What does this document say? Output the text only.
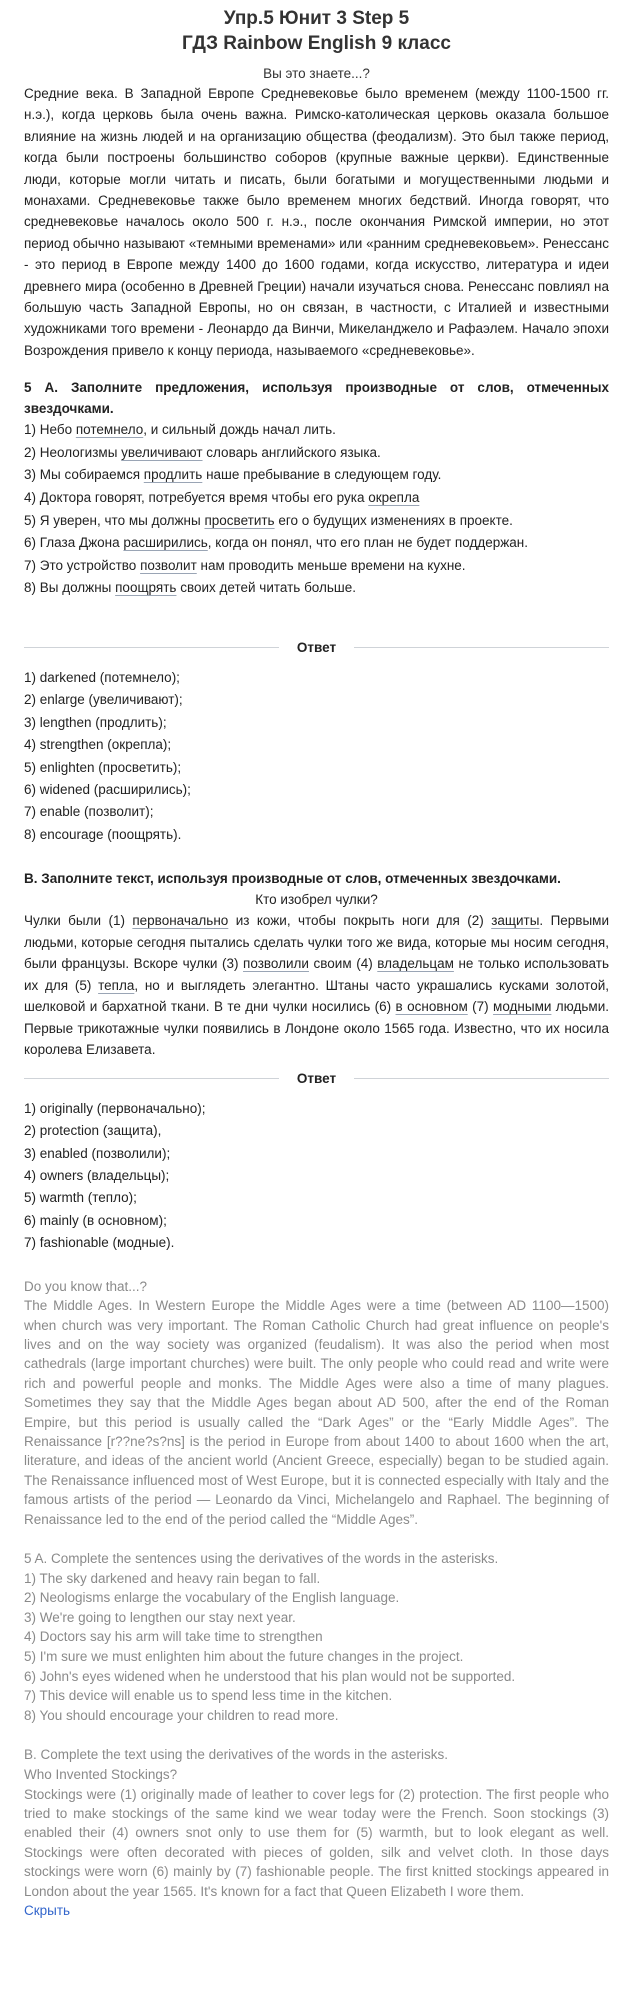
Упр.5 Юнит 3 Step 5
ГДЗ Rainbow English 9 класс
Вы это знаете...?

Средние века. В Западной Европе Средневековье было временем (между 1100-1500 гг. н.э.), когда церковь была очень важна. Римско-католическая церковь оказала большое влияние на жизнь людей и на организацию общества (феодализм). Это был также период, когда были построены большинство соборов (крупные важные церкви). Единственные люди, которые могли читать и писать, были богатыми и могущественными людьми и монахами. Средневековье также было временем многих бедствий. Иногда говорят, что средневековье началось около 500 г. н.э., после окончания Римской империи, но этот период обычно называют «темными временами» или «ранним средневековьем». Ренессанс - это период в Европе между 1400 до 1600 годами, когда искусство, литература и идеи древнего мира (особенно в Древней Греции) начали изучаться снова. Ренессанс повлиял на большую часть Западной Европы, но он связан, в частности, с Италией и известными художниками того времени - Леонардо да Винчи, Микеланджело и Рафаэлем. Начало эпохи Возрождения привело к концу периода, называемого «средневековье».

5 А. Заполните предложения, используя производные от слов, отмеченных звездочками.
1) Небо потемнело, и сильный дождь начал лить.
2) Неологизмы увеличивают словарь английского языка.
3) Мы собираемся продлить наше пребывание в следующем году.
4) Доктора говорят, потребуется время чтобы его рука окрепла
5) Я уверен, что мы должны просветить его о будущих изменениях в проекте.
6) Глаза Джона расширились, когда он понял, что его план не будет поддержан.
7) Это устройство позволит нам проводить меньше времени на кухне.
8) Вы должны поощрять своих детей читать больше.
Ответ
1) darkened (потемнело);
2) enlarge (увеличивают);
3) lengthen (продлить);
4) strengthen (окрепла);
5) enlighten (просветить);
6) widened (расширились);
7) enable (позволит);
8) encourage (поощрять).
B. Заполните текст, используя производные от слов, отмеченных звездочками.
Кто изобрел чулки?

Чулки были (1) первоначально из кожи, чтобы покрыть ноги для (2) защиты. Первыми людьми, которые сегодня пытались сделать чулки того же вида, которые мы носим сегодня, были французы. Вскоре чулки (3) позволили своим (4) владельцам не только использовать их для (5) тепла, но и выглядеть элегантно. Штаны часто украшались кусками золотой, шелковой и бархатной ткани. В те дни чулки носились (6) в основном (7) модными людьми. Первые трикотажные чулки появились в Лондоне около 1565 года. Известно, что их носила королева Елизавета.

Ответ
1) originally (первоначально);
2) protection (защита),
3) enabled (позволили);
4) owners (владельцы);
5) warmth (тепло);
6) mainly (в основном);
7) fashionable (модные).
Do you know that...?

The Middle Ages. In Western Europe the Middle Ages were a time (between AD 1100—1500) when church was very important. The Roman Catholic Church had great influence on people's lives and on the way society was organized (feudalism). It was also the period when most cathedrals (large important churches) were built. The only people who could read and write were rich and powerful people and monks. The Middle Ages were also a time of many plagues. Sometimes they say that the Middle Ages began about AD 500, after the end of the Roman Empire, but this period is usually called the “Dark Ages” or the “Early Middle Ages”. The Renaissance [r??ne?s?ns] is the period in Europe from about 1400 to about 1600 when the art, literature, and ideas of the ancient world (Ancient Greece, especially) began to be studied again. The Renaissance influenced most of West Europe, but it is connected especially with Italy and the famous artists of the period — Leonardo da Vinci, Michelangelo and Raphael. The beginning of Renaissance led to the end of the period called the “Middle Ages”.

5 A. Complete the sentences using the derivatives of the words in the asterisks.
1) The sky darkened and heavy rain began to fall.
2) Neologisms enlarge the vocabulary of the English language.
3) We're going to lengthen our stay next year.
4) Doctors say his arm will take time to strengthen
5) I'm sure we must enlighten him about the future changes in the project.
6) John's eyes widened when he understood that his plan would not be supported.
7) This device will enable us to spend less time in the kitchen.
8) You should encourage your children to read more.
B. Complete the text using the derivatives of the words in the asterisks.
Who Invented Stockings?

Stockings were (1) originally made of leather to cover legs for (2) protection. The first people who tried to make stockings of the same kind we wear today were the French. Soon stockings (3) enabled their (4) owners snot only to use them for (5) warmth, but to look elegant as well. Stockings were often decorated with pieces of golden, silk and velvet cloth. In those days stockings were worn (6) mainly by (7) fashionable people. The first knitted stockings appeared in London about the year 1565. It's known for a fact that Queen Elizabeth I wore them.

Скрыть
